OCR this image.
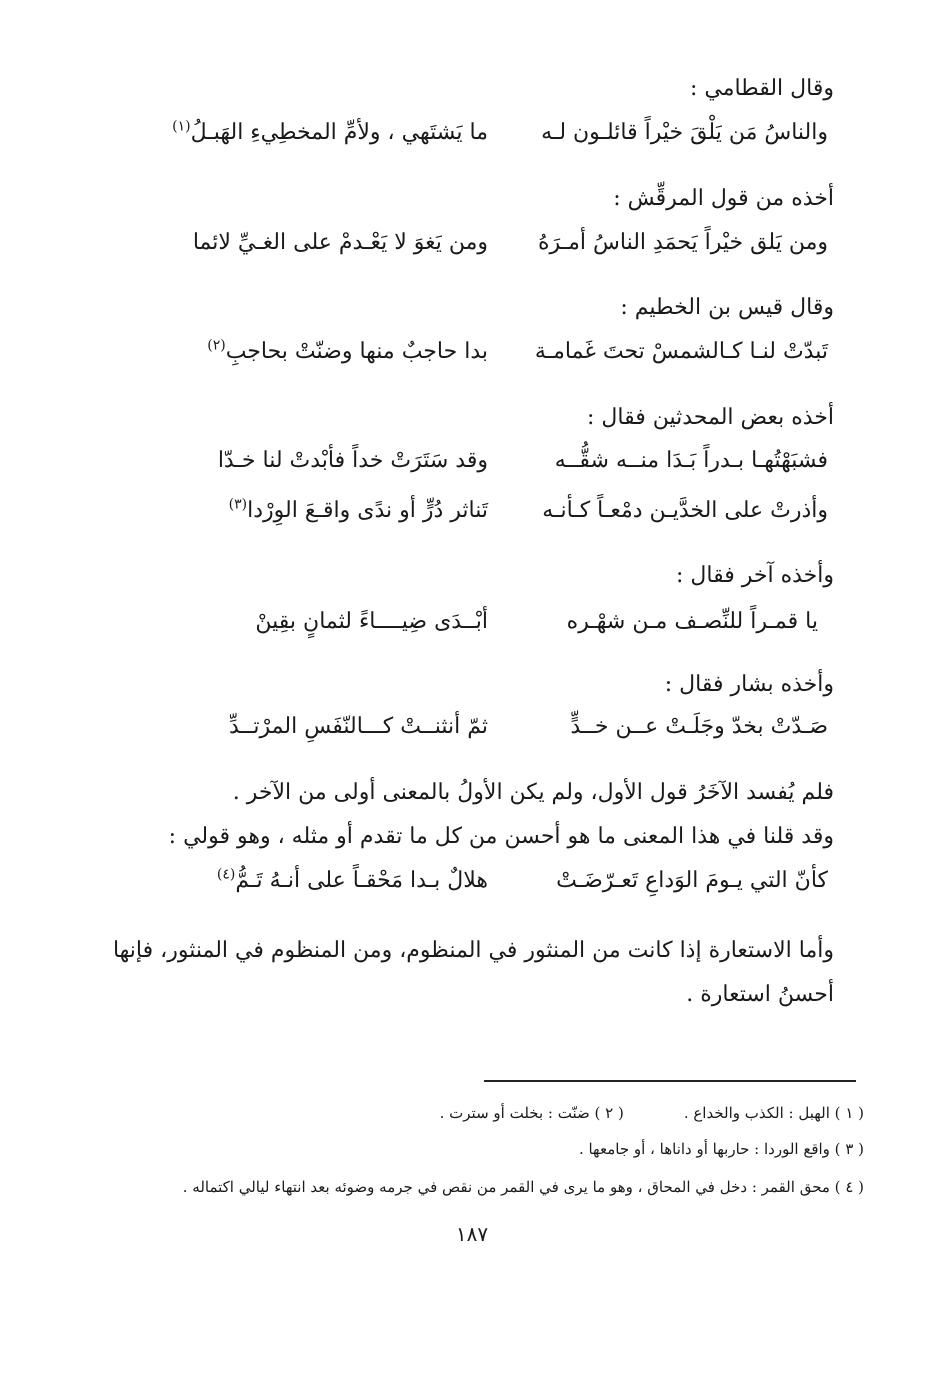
وقال القطامي :
والناسُ مَن يَلْقَ خيْراً قائلـون لـه
ما يَشتَهي ، ولأمِّ المخطِيءِ الهَبـلُ$^{(١)}$
أخذه من قول المرقِّش :
ومن يَلق خيْراً يَحمَدِ الناسُ أمـرَهُ
ومن يَغوَ لا يَعْـدمْ على الغـيِّ لائما
وقال قيس بن الخطيم :
تَبدّتْ لنـا كـالشمسْ تحتَ غَمامـة
بدا حاجبٌ منها وضنّتْ بحاجبِ$^{(٢)}$
أخذه بعض المحدثين فقال :
فشبَهْتُهـا بـدراً بَـدَا منــه شقُّــه
وقد سَتَرَتْ خداً فأبْدتْ لنا خـدّا
وأذرتْ على الخدَّيـن دمْعـاً كـأنـه
تَناثر دُرٍّ أو ندًى واقـعَ الوِرْدا$^{(٣)}$
وأخذه آخر فقال :
يا قمـراً للنِّصـف مـن شهْـره
أبْــدَى ضِيــــاءً لثمانٍ بقِينْ
وأخذه بشار فقال :
صَـدّتْ بخدّ وجَلَـتْ عــن خــدٍّ
ثمّ أنثنــتْ كـــالنّفَسِ المرْتــدِّ
فلم يُفسد الآخَرُ قول الأول، ولم يكن الأولُ بالمعنى أولى من الآخر .
وقد قلنا في هذا المعنى ما هو أحسن من كل ما تقدم أو مثله ، وهو قولي :
كأنّ التي يـومَ الوَداعِ تَعـرّضَـتْ
هلالٌ بـدا مَحْقـاً على أنـهُ تَـمُّ$^{(٤)}$
وأما الاستعارة إذا كانت من المنثور في المنظوم، ومن المنظوم في المنثور، فإنها
أحسنُ استعارة .
( ١ ) الهبل : الكذب والخداع .( ٢ ) ضنّت : بخلت أو سترت .
( ٣ ) واقع الوردا : حاربها أو داناها ، أو جامعها .
( ٤ ) محق القمر : دخل في المحاق ، وهو ما يرى في القمر من نقص في جرمه وضوئه بعد انتهاء ليالي اكتماله .
١٨٧
